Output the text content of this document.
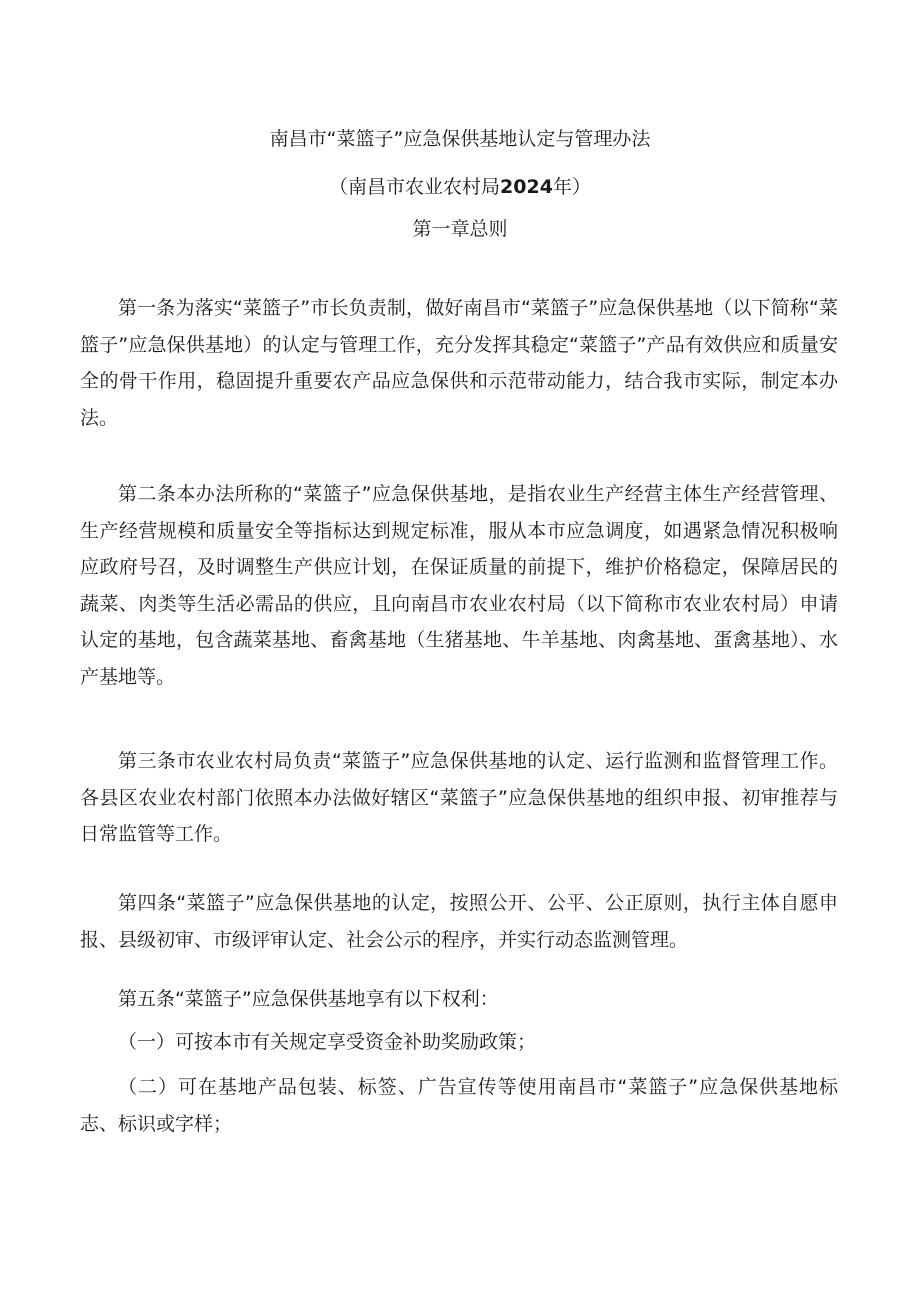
南昌市“菜篮子”应急保供基地认定与管理办法
（南昌市农业农村局2024年）
第一章总则
第一条为落实“菜篮子”市长负责制，做好南昌市“菜篮子”应急保供基地（以下简称“菜篮子”应急保供基地）的认定与管理工作，充分发挥其稳定“菜篮子”产品有效供应和质量安全的骨干作用，稳固提升重要农产品应急保供和示范带动能力，结合我市实际，制定本办法。
第二条本办法所称的“菜篮子”应急保供基地，是指农业生产经营主体生产经营管理、生产经营规模和质量安全等指标达到规定标准，服从本市应急调度，如遇紧急情况积极响应政府号召，及时调整生产供应计划，在保证质量的前提下，维护价格稳定，保障居民的蔬菜、肉类等生活必需品的供应，且向南昌市农业农村局（以下简称市农业农村局）申请认定的基地，包含蔬菜基地、畜禽基地（生猪基地、牛羊基地、肉禽基地、蛋禽基地）、水产基地等。
第三条市农业农村局负责“菜篮子”应急保供基地的认定、运行监测和监督管理工作。各县区农业农村部门依照本办法做好辖区“菜篮子”应急保供基地的组织申报、初审推荐与日常监管等工作。
第四条“菜篮子”应急保供基地的认定，按照公开、公平、公正原则，执行主体自愿申报、县级初审、市级评审认定、社会公示的程序，并实行动态监测管理。
第五条“菜篮子”应急保供基地享有以下权利：
（一）可按本市有关规定享受资金补助奖励政策；
（二）可在基地产品包装、标签、广告宣传等使用南昌市“菜篮子”应急保供基地标志、标识或字样；
